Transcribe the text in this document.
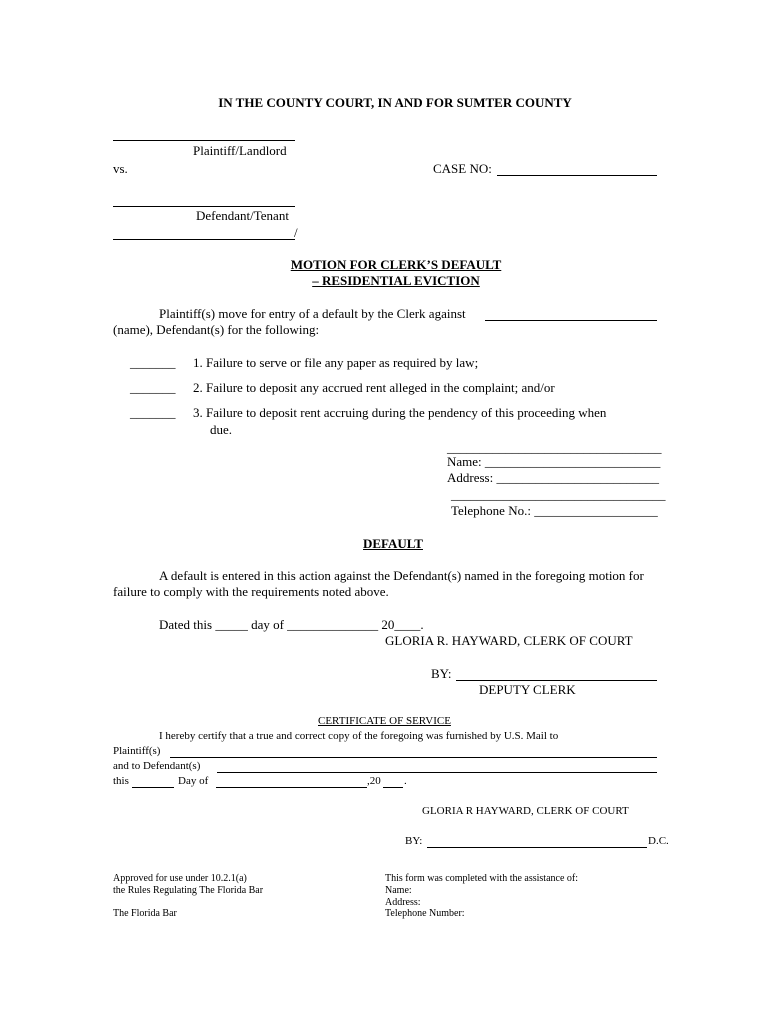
IN THE COUNTY COURT, IN AND FOR SUMTER COUNTY
Plaintiff/Landlord
vs.	CASE NO:
Defendant/Tenant
/
MOTION FOR CLERK’S DEFAULT
– RESIDENTIAL EVICTION
Plaintiff(s) move for entry of a default by the Clerk against
(name), Defendant(s) for the following:
_______ 1. Failure to serve or file any paper as required by law;
_______ 2. Failure to deposit any accrued rent alleged in the complaint; and/or
_______ 3. Failure to deposit rent accruing during the pendency of this proceeding when
due.
_________________________________
Name: ___________________________
Address: _________________________
_________________________________
Telephone No.: ___________________
DEFAULT
A default is entered in this action against the Defendant(s) named in the foregoing motion for
failure to comply with the requirements noted above.
Dated this _____ day of ______________ 20____.
GLORIA R. HAYWARD, CLERK OF COURT
BY:
DEPUTY CLERK
CERTIFICATE OF SERVICE
I hereby certify that a true and correct copy of the foregoing was furnished by U.S. Mail to
Plaintiff(s)
and to Defendant(s)
this	Day of	,20 .
GLORIA R HAYWARD, CLERK OF COURT
BY:	D.C.
Approved for use under 10.2.1(a)
the Rules Regulating The Florida Bar
The Florida Bar
This form was completed with the assistance of:
Name:
Address:
Telephone Number:
